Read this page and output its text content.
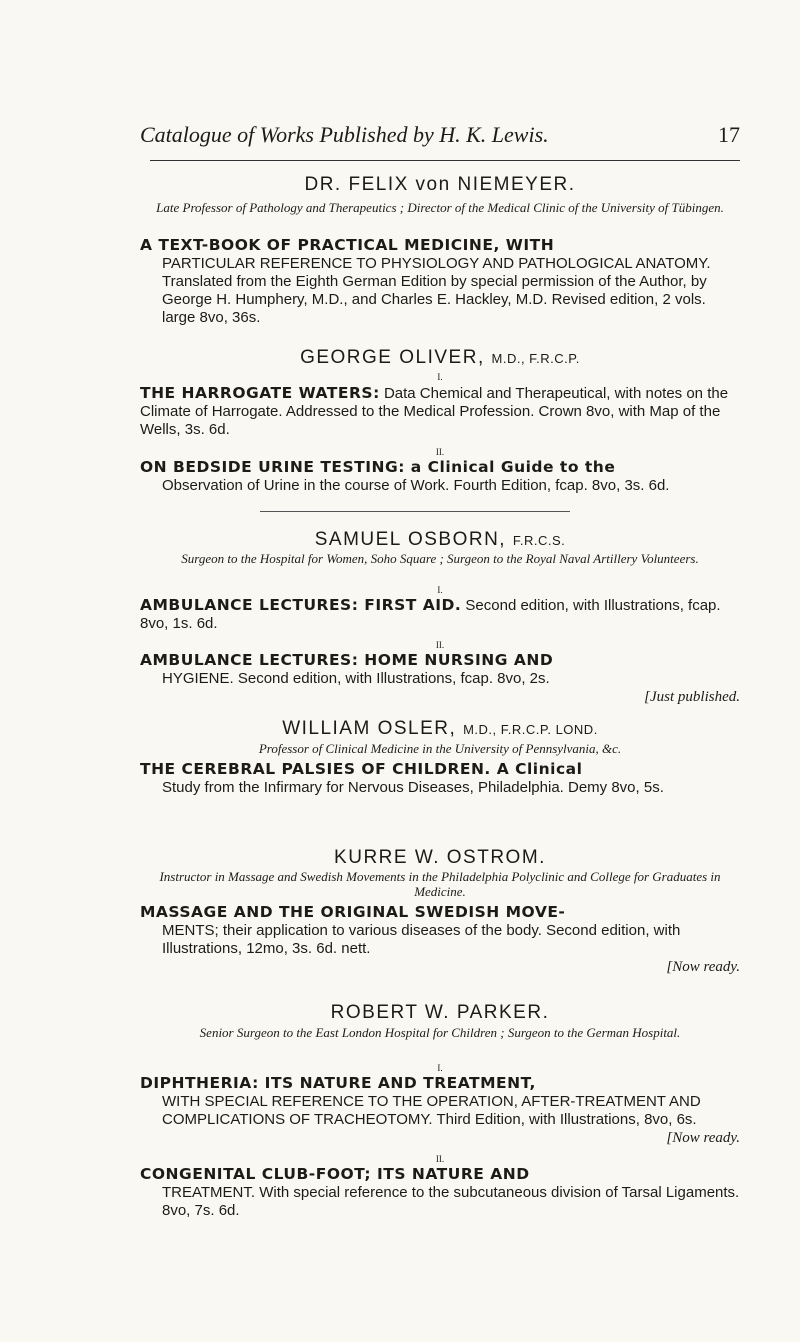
Catalogue of Works Published by H. K. Lewis.	17
DR. FELIX von NIEMEYER.
Late Professor of Pathology and Therapeutics ; Director of the Medical Clinic of the University of Tübingen.
A TEXT-BOOK OF PRACTICAL MEDICINE, WITH
PARTICULAR REFERENCE TO PHYSIOLOGY AND PATHOLOGICAL ANATOMY. Translated from the Eighth German Edition by special permission of the Author, by George H. Humphery, M.D., and Charles E. Hackley, M.D. Revised edition, 2 vols. large 8vo, 36s.
GEORGE OLIVER, M.D., F.R.C.P.
I.
THE HARROGATE WATERS: Data Chemical and Therapeutical, with notes on the Climate of Harrogate. Addressed to the Medical Profession. Crown 8vo, with Map of the Wells, 3s. 6d.
II.
ON BEDSIDE URINE TESTING: a Clinical Guide to the
Observation of Urine in the course of Work. Fourth Edition, fcap. 8vo, 3s. 6d.
SAMUEL OSBORN, F.R.C.S.
Surgeon to the Hospital for Women, Soho Square ; Surgeon to the Royal Naval Artillery Volunteers.
I.
AMBULANCE LECTURES: FIRST AID. Second edition, with Illustrations, fcap. 8vo, 1s. 6d.
II.
AMBULANCE LECTURES: HOME NURSING AND
HYGIENE. Second edition, with Illustrations, fcap. 8vo, 2s.
[Just published.
WILLIAM OSLER, M.D., F.R.C.P. LOND.
Professor of Clinical Medicine in the University of Pennsylvania, &c.
THE CEREBRAL PALSIES OF CHILDREN. A Clinical
Study from the Infirmary for Nervous Diseases, Philadelphia. Demy 8vo, 5s.
KURRE W. OSTROM.
Instructor in Massage and Swedish Movements in the Philadelphia Polyclinic and College for Graduates in Medicine.
MASSAGE AND THE ORIGINAL SWEDISH MOVE-
MENTS; their application to various diseases of the body. Second edition, with Illustrations, 12mo, 3s. 6d. nett.
[Now ready.
ROBERT W. PARKER.
Senior Surgeon to the East London Hospital for Children ; Surgeon to the German Hospital.
I.
DIPHTHERIA: ITS NATURE AND TREATMENT,
WITH SPECIAL REFERENCE TO THE OPERATION, AFTER-TREATMENT AND COMPLICATIONS OF TRACHEOTOMY. Third Edition, with Illustrations, 8vo, 6s.
[Now ready.
II.
CONGENITAL CLUB-FOOT; ITS NATURE AND
TREATMENT. With special reference to the subcutaneous division of Tarsal Ligaments. 8vo, 7s. 6d.
